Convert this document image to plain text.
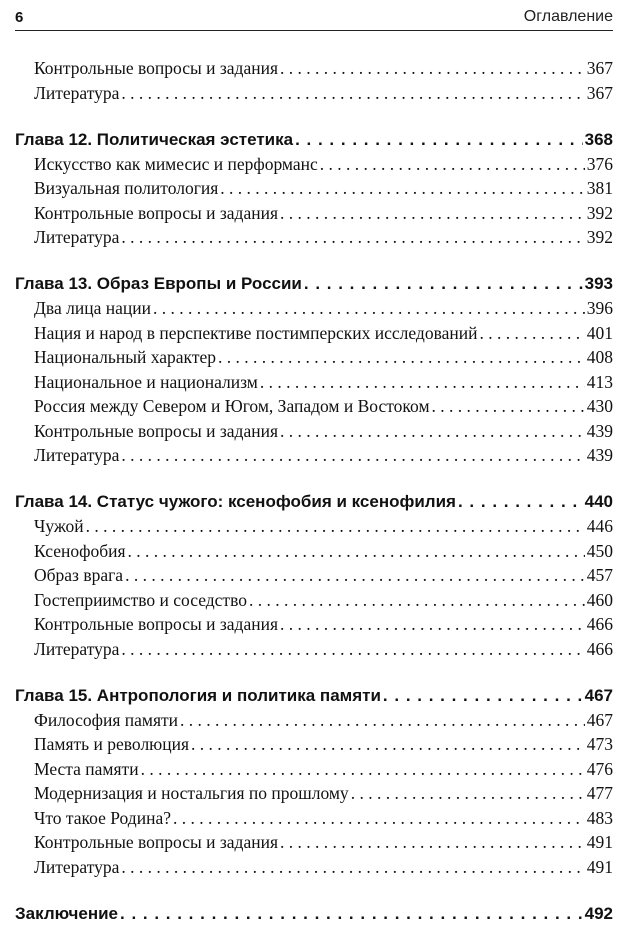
6	Оглавление
Контрольные вопросы и задания . . .	367
Литература . . .	367
Глава 12. Политическая эстетика . . .	368
Искусство как мимесис и перформанс . . .	376
Визуальная политология . . .	381
Контрольные вопросы и задания . . .	392
Литература . . .	392
Глава 13. Образ Европы и России . . .	393
Два лица нации . . .	396
Нация и народ в перспективе постимперских исследований . . .	401
Национальный характер . . .	408
Национальное и национализм . . .	413
Россия между Севером и Югом, Западом и Востоком . . .	430
Контрольные вопросы и задания . . .	439
Литература . . .	439
Глава 14. Статус чужого: ксенофобия и ксенофилия . . .	440
Чужой . . .	446
Ксенофобия . . .	450
Образ врага . . .	457
Гостеприимство и соседство . . .	460
Контрольные вопросы и задания . . .	466
Литература . . .	466
Глава 15. Антропология и политика памяти . . .	467
Философия памяти . . .	467
Память и революция . . .	473
Места памяти . . .	476
Модернизация и ностальгия по прошлому . . .	477
Что такое Родина? . . .	483
Контрольные вопросы и задания . . .	491
Литература . . .	491
Заключение . . .	492
